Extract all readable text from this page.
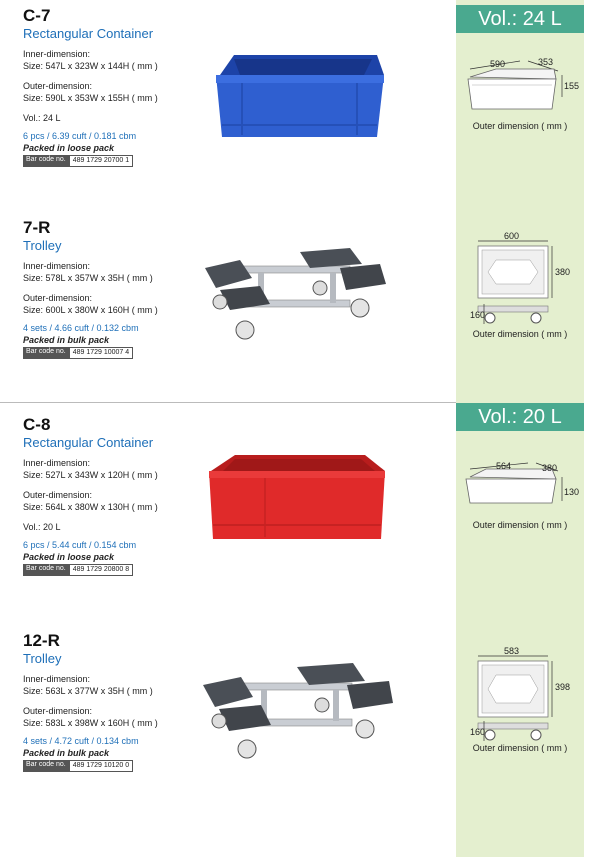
Vol.: 24 L
Vol.: 20 L
C-7
Rectangular Container
Inner-dimension:
Size: 547L x 323W x 144H ( mm )
Outer-dimension:
Size: 590L x 353W x 155H ( mm )
Vol.: 24 L
6 pcs / 6.39 cuft / 0.181 cbm
Packed in loose pack
Bar code no.	489 1729 20700 1
590	353
155
Outer dimension ( mm )
7-R
Trolley
Inner-dimension:
Size: 578L x 357W x 35H ( mm )
Outer-dimension:
Size: 600L x 380W x 160H ( mm )
4 sets / 4.66 cuft / 0.132 cbm
Packed in bulk pack
Bar code no.	489 1729 10007 4
600
380
160
Outer dimension ( mm )
C-8
Rectangular Container
Inner-dimension:
Size: 527L x 343W x 120H ( mm )
Outer-dimension:
Size: 564L x 380W x 130H ( mm )
Vol.: 20 L
6 pcs / 5.44 cuft / 0.154 cbm
Packed in loose pack
Bar code no.	489 1729 20800 8
564	380
130
Outer dimension ( mm )
12-R
Trolley
Inner-dimension:
Size: 563L x 377W x 35H ( mm )
Outer-dimension:
Size: 583L x 398W x 160H ( mm )
4 sets / 4.72 cuft / 0.134 cbm
Packed in bulk pack
Bar code no.	489 1729 10120 0
583
398
160
Outer dimension ( mm )
